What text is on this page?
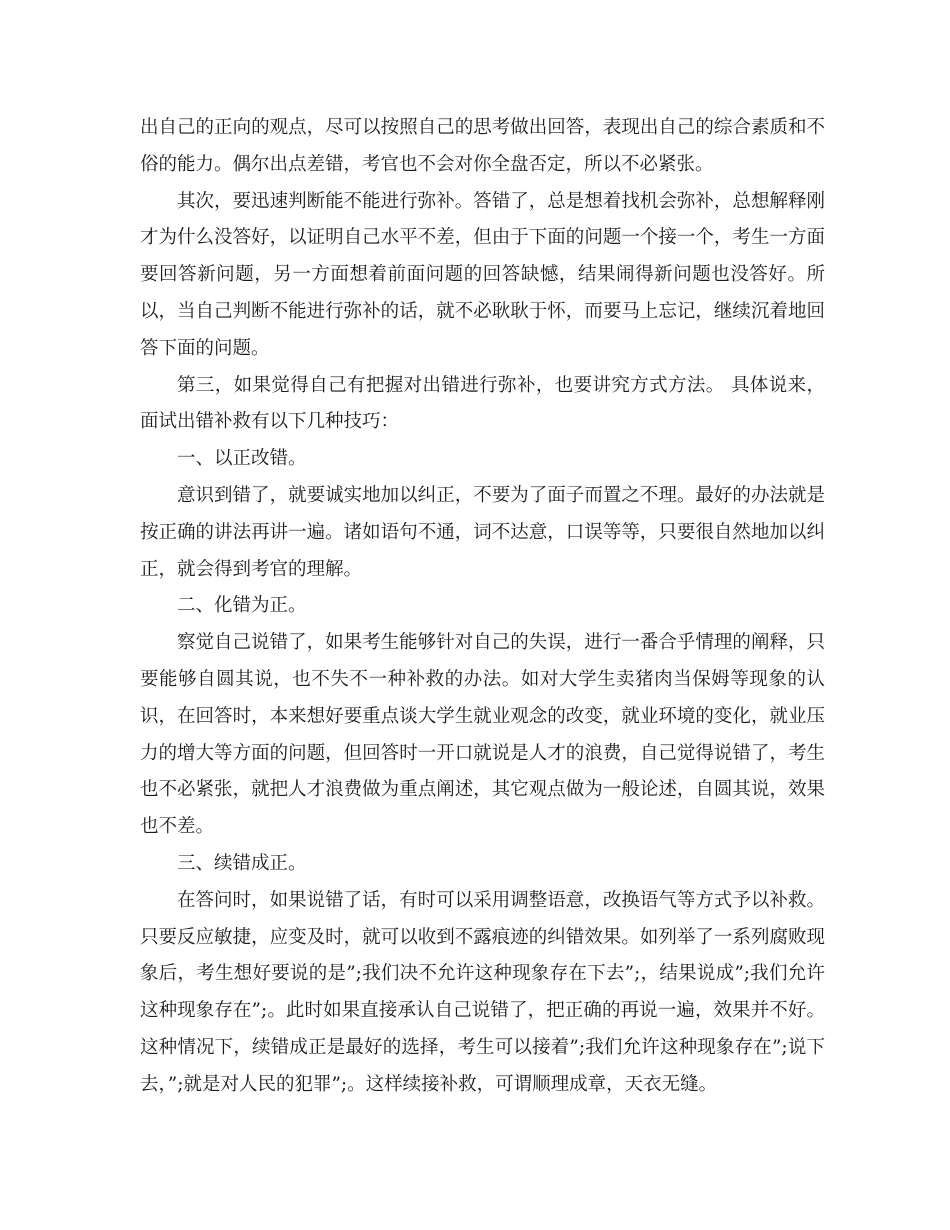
出自己的正向的观点，尽可以按照自己的思考做出回答，表现出自己的综合素质和不俗的能力。偶尔出点差错，考官也不会对你全盘否定，所以不必紧张。

其次，要迅速判断能不能进行弥补。答错了，总是想着找机会弥补，总想解释刚才为什么没答好，以证明自己水平不差，但由于下面的问题一个接一个，考生一方面要回答新问题，另一方面想着前面问题的回答缺憾，结果闹得新问题也没答好。所以，当自己判断不能进行弥补的话，就不必耿耿于怀，而要马上忘记，继续沉着地回答下面的问题。

第三，如果觉得自己有把握对出错进行弥补，也要讲究方式方法。 具体说来，面试出错补救有以下几种技巧：

一、以正改错。

意识到错了，就要诚实地加以纠正，不要为了面子而置之不理。最好的办法就是按正确的讲法再讲一遍。诸如语句不通，词不达意，口误等等，只要很自然地加以纠正，就会得到考官的理解。

二、化错为正。

察觉自己说错了，如果考生能够针对自己的失误，进行一番合乎情理的阐释，只要能够自圆其说，也不失不一种补救的办法。如对大学生卖猪肉当保姆等现象的认识，在回答时，本来想好要重点谈大学生就业观念的改变，就业环境的变化，就业压力的增大等方面的问题，但回答时一开口就说是人才的浪费，自己觉得说错了，考生也不必紧张，就把人才浪费做为重点阐述，其它观点做为一般论述，自圆其说，效果也不差。

三、续错成正。

在答问时，如果说错了话，有时可以采用调整语意，改换语气等方式予以补救。只要反应敏捷，应变及时，就可以收到不露痕迹的纠错效果。如列举了一系列腐败现象后，考生想好要说的是”;我们决不允许这种现象存在下去”;，结果说成”;我们允许这种现象存在”;。此时如果直接承认自己说错了，把正确的再说一遍，效果并不好。这种情况下，续错成正是最好的选择，考生可以接着”;我们允许这种现象存在”;说下去，”;就是对人民的犯罪”;。这样续接补救，可谓顺理成章，天衣无缝。
